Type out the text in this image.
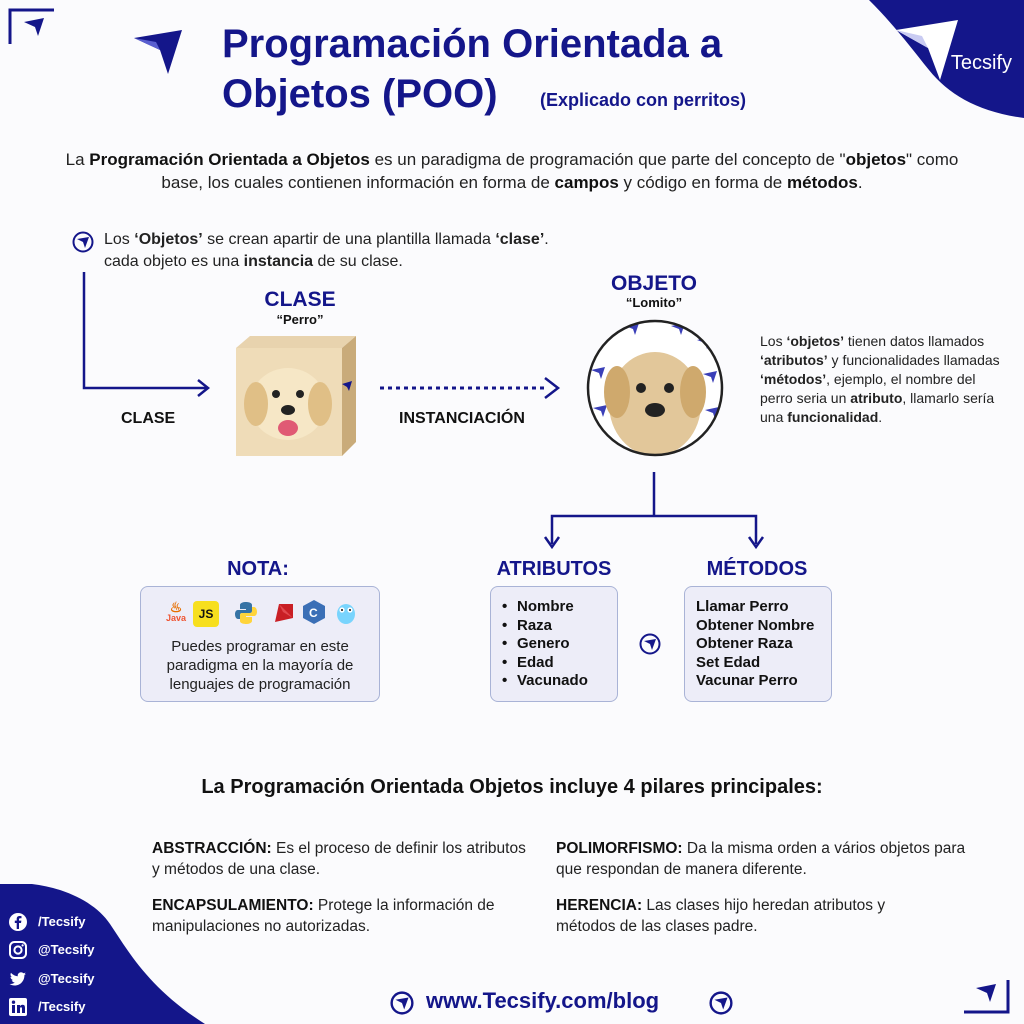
Programación Orientada a
Objetos (POO) (Explicado con perritos)
Tecsify
La Programación Orientada a Objetos es un paradigma de programación que parte del concepto de "objetos" como base, los cuales contienen información en forma de campos y código en forma de métodos.
Los ‘Objetos’ se crean apartir de una plantilla llamada ‘clase’. cada objeto es una instancia de su clase.
CLASE	INSTANCIACIÓN
CLASE
“Perro”
OBJETO
“Lomito”
Los ‘objetos’ tienen datos llamados ‘atributos’ y funcionalidades llamadas ‘métodos’, ejemplo, el nombre del perro seria un atributo, llamarlo sería una funcionalidad.
NOTA:
♨
Java JS	C
Puedes programar en este paradigma en la mayoría de lenguajes de programación
ATRIBUTOS
• Nombre
• Raza
• Genero
• Edad
• Vacunado
MÉTODOS
Llamar Perro
Obtener Nombre
Obtener Raza
Set Edad
Vacunar Perro
La Programación Orientada Objetos incluye 4 pilares principales:
ABSTRACCIÓN: Es el proceso de definir los atributos y métodos de una clase.
ENCAPSULAMIENTO: Protege la información de manipulaciones no autorizadas.
POLIMORFISMO: Da la misma orden a vários objetos para que respondan de manera diferente.
HERENCIA: Las clases hijo heredan atributos y métodos de las clases padre.
/Tecsify
@Tecsify
@Tecsify
/Tecsify	www.Tecsify.com/blog
